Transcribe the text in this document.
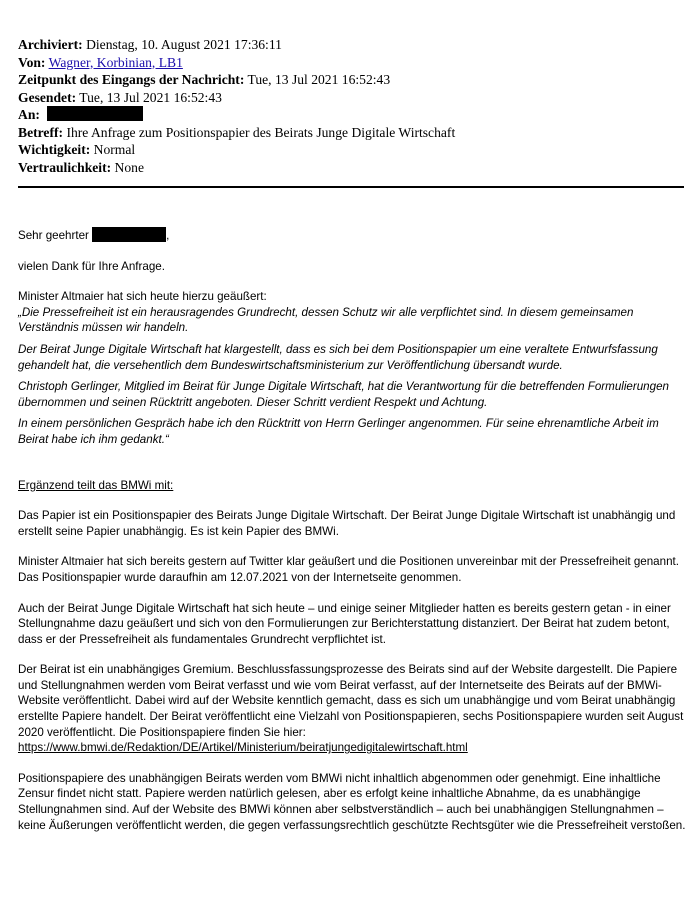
Archiviert: Dienstag, 10. August 2021 17:36:11
Von: Wagner, Korbinian, LB1
Zeitpunkt des Eingangs der Nachricht: Tue, 13 Jul 2021 16:52:43
Gesendet: Tue, 13 Jul 2021 16:52:43
An:
Betreff: Ihre Anfrage zum Positionspapier des Beirats Junge Digitale Wirtschaft
Wichtigkeit: Normal
Vertraulichkeit: None

Sehr geehrter	,

vielen Dank für Ihre Anfrage.

Minister Altmaier hat sich heute hierzu geäußert:

„Die Pressefreiheit ist ein herausragendes Grundrecht, dessen Schutz wir alle verpflichtet sind. In diesem gemeinsamen Verständnis müssen wir handeln.

Der Beirat Junge Digitale Wirtschaft hat klargestellt, dass es sich bei dem Positionspapier um eine veraltete Entwurfsfassung gehandelt hat, die versehentlich dem Bundeswirtschaftsministerium zur Veröffentlichung übersandt wurde.

Christoph Gerlinger, Mitglied im Beirat für Junge Digitale Wirtschaft, hat die Verantwortung für die betreffenden Formulierungen übernommen und seinen Rücktritt angeboten. Dieser Schritt verdient Respekt und Achtung.

In einem persönlichen Gespräch habe ich den Rücktritt von Herrn Gerlinger angenommen. Für seine ehrenamtliche Arbeit im Beirat habe ich ihm gedankt.“

Ergänzend teilt das BMWi mit:

Das Papier ist ein Positionspapier des Beirats Junge Digitale Wirtschaft. Der Beirat Junge Digitale Wirtschaft ist unabhängig und erstellt seine Papier unabhängig. Es ist kein Papier des BMWi.

Minister Altmaier hat sich bereits gestern auf Twitter klar geäußert und die Positionen unvereinbar mit der Pressefreiheit genannt. Das Positionspapier wurde daraufhin am 12.07.2021 von der Internetseite genommen.

Auch der Beirat Junge Digitale Wirtschaft hat sich heute – und einige seiner Mitglieder hatten es bereits gestern getan - in einer Stellungnahme dazu geäußert und sich von den Formulierungen zur Berichterstattung distanziert. Der Beirat hat zudem betont, dass er der Pressefreiheit als fundamentales Grundrecht verpflichtet ist.

Der Beirat ist ein unabhängiges Gremium. Beschlussfassungsprozesse des Beirats sind auf der Website dargestellt. Die Papiere und Stellungnahmen werden vom Beirat verfasst und wie vom Beirat verfasst, auf der Internetseite des Beirats auf der BMWi-Website veröffentlicht. Dabei wird auf der Website kenntlich gemacht, dass es sich um unabhängige und vom Beirat unabhängig erstellte Papiere handelt. Der Beirat veröffentlicht eine Vielzahl von Positionspapieren, sechs Positionspapiere wurden seit August 2020 veröffentlicht. Die Positionspapiere finden Sie hier:

https://www.bmwi.de/Redaktion/DE/Artikel/Ministerium/beiratjungedigitalewirtschaft.html

Positionspapiere des unabhängigen Beirats werden vom BMWi nicht inhaltlich abgenommen oder genehmigt. Eine inhaltliche Zensur findet nicht statt. Papiere werden natürlich gelesen, aber es erfolgt keine inhaltliche Abnahme, da es unabhängige Stellungnahmen sind. Auf der Website des BMWi können aber selbstverständlich – auch bei unabhängigen Stellungnahmen –keine Äußerungen veröffentlicht werden, die gegen verfassungsrechtlich geschützte Rechtsgüter wie die Pressefreiheit verstoßen.
